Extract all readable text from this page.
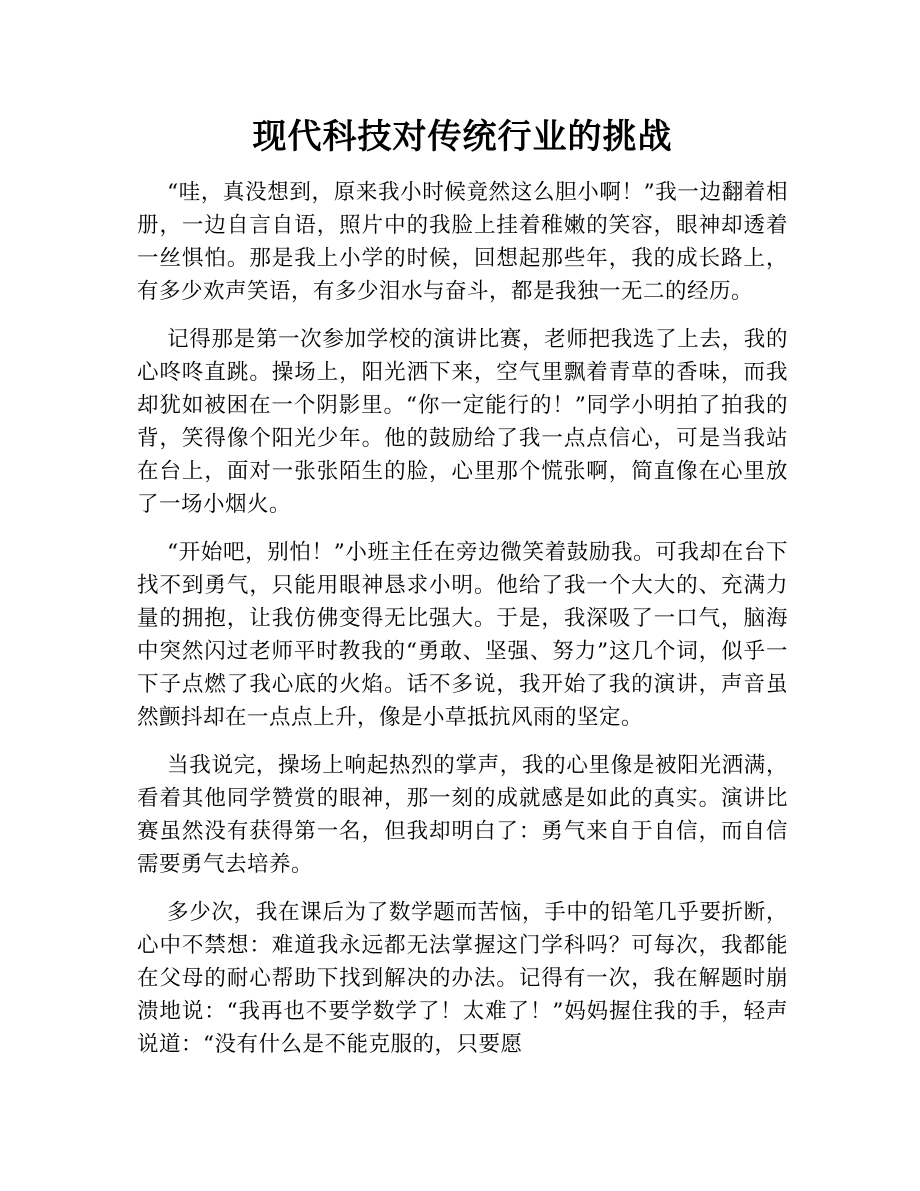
现代科技对传统行业的挑战

“哇，真没想到，原来我小时候竟然这么胆小啊！”我一边翻着相册，一边自言自语，照片中的我脸上挂着稚嫩的笑容，眼神却透着一丝惧怕。那是我上小学的时候，回想起那些年，我的成长路上，有多少欢声笑语，有多少泪水与奋斗，都是我独一无二的经历。

记得那是第一次参加学校的演讲比赛，老师把我选了上去，我的心咚咚直跳。操场上，阳光洒下来，空气里飘着青草的香味，而我却犹如被困在一个阴影里。“你一定能行的！”同学小明拍了拍我的背，笑得像个阳光少年。他的鼓励给了我一点点信心，可是当我站在台上，面对一张张陌生的脸，心里那个慌张啊，简直像在心里放了一场小烟火。

“开始吧，别怕！”小班主任在旁边微笑着鼓励我。可我却在台下找不到勇气，只能用眼神恳求小明。他给了我一个大大的、充满力量的拥抱，让我仿佛变得无比强大。于是，我深吸了一口气，脑海中突然闪过老师平时教我的“勇敢、坚强、努力”这几个词，似乎一下子点燃了我心底的火焰。话不多说，我开始了我的演讲，声音虽然颤抖却在一点点上升，像是小草抵抗风雨的坚定。

当我说完，操场上响起热烈的掌声，我的心里像是被阳光洒满，看着其他同学赞赏的眼神，那一刻的成就感是如此的真实。演讲比赛虽然没有获得第一名，但我却明白了：勇气来自于自信，而自信需要勇气去培养。

多少次，我在课后为了数学题而苦恼，手中的铅笔几乎要折断，心中不禁想：难道我永远都无法掌握这门学科吗？可每次，我都能在父母的耐心帮助下找到解决的办法。记得有一次，我在解题时崩溃地说：“我再也不要学数学了！太难了！”妈妈握住我的手，轻声说道：“没有什么是不能克服的，只要愿
